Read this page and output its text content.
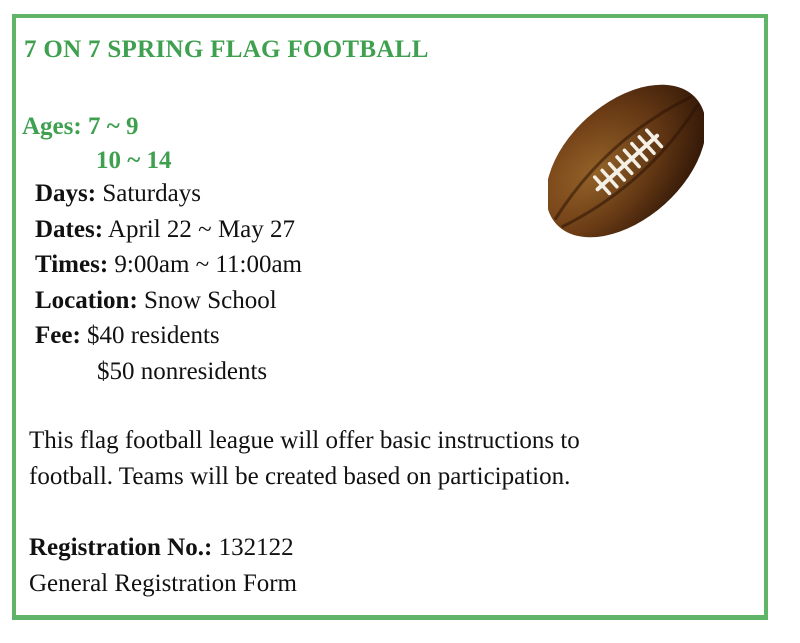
7 ON 7 SPRING FLAG FOOTBALL
Ages: 7 ~ 9
10 ~ 14
Days: Saturdays
Dates: April 22 ~ May 27
Times: 9:00am ~ 11:00am
Location: Snow School
Fee: $40 residents
$50 nonresidents
This flag football league will offer basic instructions to
football. Teams will be created based on participation.
Registration No.: 132122
General Registration Form
